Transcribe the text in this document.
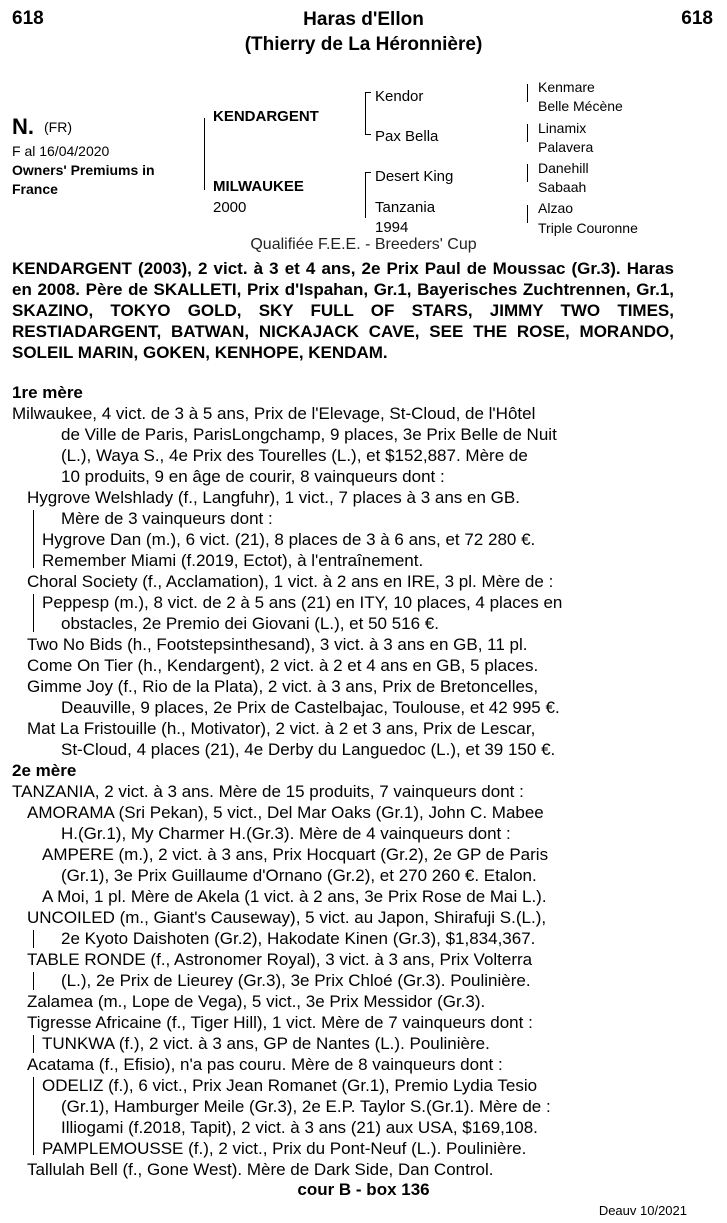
618	618
Haras d'Ellon
(Thierry de La Héronnière)
N. (FR)
F al 16/04/2020
Owners' Premiums in France
KENDARGENT
MILWAUKEE
2000
Kendor
Pax Bella
Desert King
Tanzania
1994
Kenmare
Belle Mécène
Linamix
Palavera
Danehill
Sabaah
Alzao
Triple Couronne
Qualifiée F.E.E. - Breeders' Cup
KENDARGENT (2003), 2 vict. à 3 et 4 ans, 2e Prix Paul de Moussac (Gr.3). Haras en 2008. Père de SKALLETI, Prix d'Ispahan, Gr.1, Bayerisches Zuchtrennen, Gr.1, SKAZINO, TOKYO GOLD, SKY FULL OF STARS, JIMMY TWO TIMES, RESTIADARGENT, BATWAN, NICKAJACK CAVE, SEE THE ROSE, MORANDO, SOLEIL MARIN, GOKEN, KENHOPE, KENDAM.
1re mère
Milwaukee, 4 vict. de 3 à 5 ans, Prix de l'Elevage, St-Cloud, de l'Hôtel
de Ville de Paris, ParisLongchamp, 9 places, 3e Prix Belle de Nuit
(L.), Waya S., 4e Prix des Tourelles (L.), et $152,887. Mère de
10 produits, 9 en âge de courir, 8 vainqueurs dont :
Hygrove Welshlady (f., Langfuhr), 1 vict., 7 places à 3 ans en GB.
Mère de 3 vainqueurs dont :
Hygrove Dan (m.), 6 vict. (21), 8 places de 3 à 6 ans, et 72 280 €.
Remember Miami (f.2019, Ectot), à l'entraînement.
Choral Society (f., Acclamation), 1 vict. à 2 ans en IRE, 3 pl. Mère de :
Peppesp (m.), 8 vict. de 2 à 5 ans (21) en ITY, 10 places, 4 places en
obstacles, 2e Premio dei Giovani (L.), et 50 516 €.
Two No Bids (h., Footstepsinthesand), 3 vict. à 3 ans en GB, 11 pl.
Come On Tier (h., Kendargent), 2 vict. à 2 et 4 ans en GB, 5 places.
Gimme Joy (f., Rio de la Plata), 2 vict. à 3 ans, Prix de Bretoncelles,
Deauville, 9 places, 2e Prix de Castelbajac, Toulouse, et 42 995 €.
Mat La Fristouille (h., Motivator), 2 vict. à 2 et 3 ans, Prix de Lescar,
St-Cloud, 4 places (21), 4e Derby du Languedoc (L.), et 39 150 €.
2e mère
TANZANIA, 2 vict. à 3 ans. Mère de 15 produits, 7 vainqueurs dont :
AMORAMA (Sri Pekan), 5 vict., Del Mar Oaks (Gr.1), John C. Mabee
H.(Gr.1), My Charmer H.(Gr.3). Mère de 4 vainqueurs dont :
AMPERE (m.), 2 vict. à 3 ans, Prix Hocquart (Gr.2), 2e GP de Paris
(Gr.1), 3e Prix Guillaume d'Ornano (Gr.2), et 270 260 €. Etalon.
A Moi, 1 pl. Mère de Akela (1 vict. à 2 ans, 3e Prix Rose de Mai L.).
UNCOILED (m., Giant's Causeway), 5 vict. au Japon, Shirafuji S.(L.),
2e Kyoto Daishoten (Gr.2), Hakodate Kinen (Gr.3), $1,834,367.
TABLE RONDE (f., Astronomer Royal), 3 vict. à 3 ans, Prix Volterra
(L.), 2e Prix de Lieurey (Gr.3), 3e Prix Chloé (Gr.3). Poulinière.
Zalamea (m., Lope de Vega), 5 vict., 3e Prix Messidor (Gr.3).
Tigresse Africaine (f., Tiger Hill), 1 vict. Mère de 7 vainqueurs dont :
TUNKWA (f.), 2 vict. à 3 ans, GP de Nantes (L.). Poulinière.
Acatama (f., Efisio), n'a pas couru. Mère de 8 vainqueurs dont :
ODELIZ (f.), 6 vict., Prix Jean Romanet (Gr.1), Premio Lydia Tesio
(Gr.1), Hamburger Meile (Gr.3), 2e E.P. Taylor S.(Gr.1). Mère de :
Illiogami (f.2018, Tapit), 2 vict. à 3 ans (21) aux USA, $169,108.
PAMPLEMOUSSE (f.), 2 vict., Prix du Pont-Neuf (L.). Poulinière.
Tallulah Bell (f., Gone West). Mère de Dark Side, Dan Control.
cour B - box 136
Deauv 10/2021
